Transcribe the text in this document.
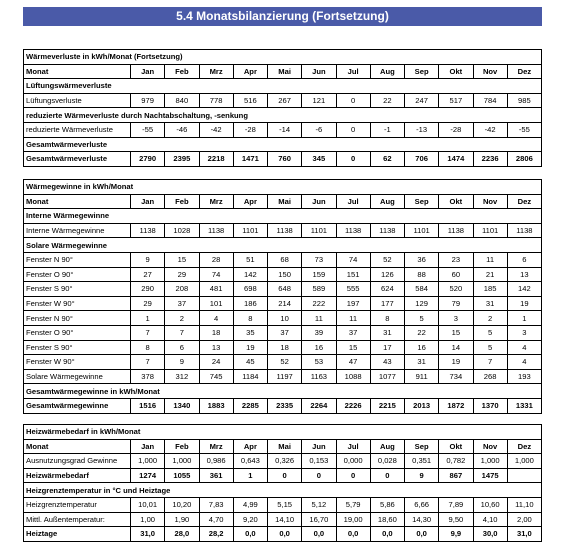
5.4 Monatsbilanzierung (Fortsetzung)
Wärmeverluste in kWh/Monat (Fortsetzung)												
Monat	Jan	Feb	Mrz	Apr	Mai	Jun	Jul	Aug	Sep	Okt	Nov	Dez
Lüftungswärmeverluste												
Lüftungsverluste	979	840	778	516	267	121	0	22	247	517	784	985
reduzierte Wärmeverluste durch Nachtabschaltung, -senkung												
reduzierte Wärmeverluste	-55	-46	-42	-28	-14	-6	0	-1	-13	-28	-42	-55
Gesamtwärmeverluste												
Gesamtwärmeverluste	2790	2395	2218	1471	760	345	0	62	706	1474	2236	2806
Wärmegewinne in kWh/Monat												
Monat	Jan	Feb	Mrz	Apr	Mai	Jun	Jul	Aug	Sep	Okt	Nov	Dez
Interne Wärmegewinne												
Interne Wärmegewinne	1138	1028	1138	1101	1138	1101	1138	1138	1101	1138	1101	1138
Solare Wärmegewinne												
Fenster N 90°	9	15	28	51	68	73	74	52	36	23	11	6
Fenster O 90°	27	29	74	142	150	159	151	126	88	60	21	13
Fenster S 90°	290	208	481	698	648	589	555	624	584	520	185	142
Fenster W 90°	29	37	101	186	214	222	197	177	129	79	31	19
Fenster N 90°	1	2	4	8	10	11	11	8	5	3	2	1
Fenster O 90°	7	7	18	35	37	39	37	31	22	15	5	3
Fenster S 90°	8	6	13	19	18	16	15	17	16	14	5	4
Fenster W 90°	7	9	24	45	52	53	47	43	31	19	7	4
Solare Wärmegewinne	378	312	745	1184	1197	1163	1088	1077	911	734	268	193
Gesamtwärmegewinne in kWh/Monat												
Gesamtwärmegewinne	1516	1340	1883	2285	2335	2264	2226	2215	2013	1872	1370	1331
Heizwärmebedarf in kWh/Monat												
Monat	Jan	Feb	Mrz	Apr	Mai	Jun	Jul	Aug	Sep	Okt	Nov	Dez
Ausnutzungsgrad Gewinne	1,000	1,000	0,986	0,643	0,326	0,153	0,000	0,028	0,351	0,782	1,000	1,000
Heizwärmebedarf	1274	1055	361	1	0	0	0	0	9	867	1475	
Heizgrenztemperatur in °C und Heiztage												
Heizgrenztemperatur	10,01	10,20	7,83	4,99	5,15	5,12	5,79	5,86	6,66	7,89	10,60	11,10
Mittl. Außentemperatur:	1,00	1,90	4,70	9,20	14,10	16,70	19,00	18,60	14,30	9,50	4,10	2,00
Heiztage	31,0	28,0	28,2	0,0	0,0	0,0	0,0	0,0	0,0	9,9	30,0	31,0
